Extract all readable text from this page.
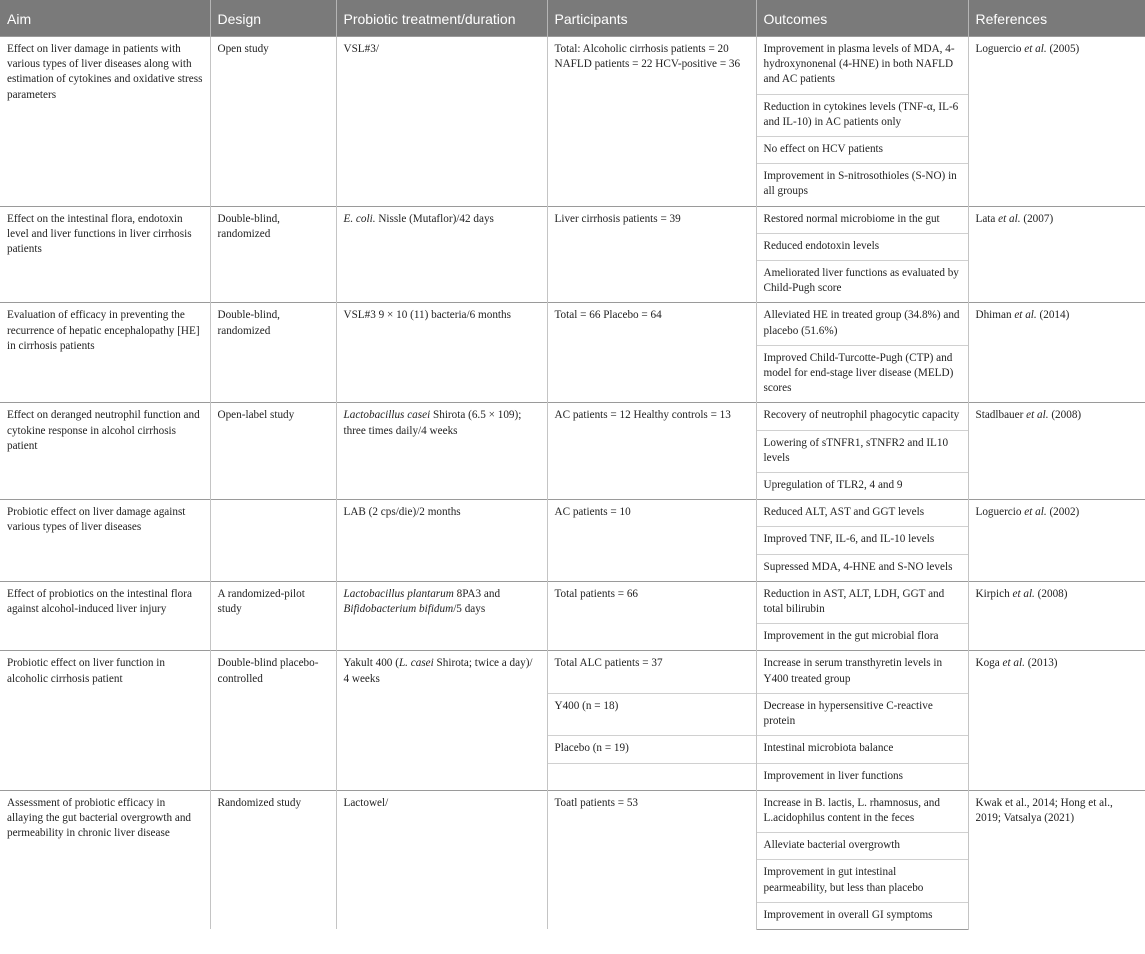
Aim	Design	Probiotic treatment/duration	Participants	Outcomes	References
Effect on liver damage in patients with various types of liver diseases along with estimation of cytokines and oxidative stress parameters	Open study	VSL#3/	Total: Alcoholic cirrhosis patients = 20 NAFLD patients = 22 HCV-positive = 36	Improvement in plasma levels of MDA, 4-hydroxynonenal (4-HNE) in both NAFLD and AC patients	Loguercio et al. (2005)
				Reduction in cytokines levels (TNF-α, IL-6 and IL-10) in AC patients only	
				No effect on HCV patients	
				Improvement in S-nitrosothioles (S-NO) in all groups	
Effect on the intestinal flora, endotoxin level and liver functions in liver cirrhosis patients	Double-blind, randomized	E. coli. Nissle (Mutaflor)/42 days	Liver cirrhosis patients = 39	Restored normal microbiome in the gut	Lata et al. (2007)
				Reduced endotoxin levels	
				Ameliorated liver functions as evaluated by Child-Pugh score	
Evaluation of efficacy in preventing the recurrence of hepatic encephalopathy [HE] in cirrhosis patients	Double-blind, randomized	VSL#3 9 × 10 (11) bacteria/6 months	Total = 66 Placebo = 64	Alleviated HE in treated group (34.8%) and placebo (51.6%)	Dhiman et al. (2014)
				Improved Child-Turcotte-Pugh (CTP) and model for end-stage liver disease (MELD) scores	
Effect on deranged neutrophil function and cytokine response in alcohol cirrhosis patient	Open-label study	Lactobacillus casei Shirota (6.5 × 109); three times daily/4 weeks	AC patients = 12 Healthy controls = 13	Recovery of neutrophil phagocytic capacity	Stadlbauer et al. (2008)
				Lowering of sTNFR1, sTNFR2 and IL10 levels	
				Upregulation of TLR2, 4 and 9	
Probiotic effect on liver damage against various types of liver diseases		LAB (2 cps/die)/2 months	AC patients = 10	Reduced ALT, AST and GGT levels	Loguercio et al. (2002)
				Improved TNF, IL-6, and IL-10 levels	
				Supressed MDA, 4-HNE and S-NO levels	
Effect of probiotics on the intestinal flora against alcohol-induced liver injury	A randomized-pilot study	Lactobacillus plantarum 8PA3 and Bifidobacterium bifidum/5 days	Total patients = 66	Reduction in AST, ALT, LDH, GGT and total bilirubin	Kirpich et al. (2008)
				Improvement in the gut microbial flora	
Probiotic effect on liver function in alcoholic cirrhosis patient	Double-blind placebo-controlled	Yakult 400 (L. casei Shirota; twice a day)/ 4 weeks	Total ALC patients = 37	Increase in serum transthyretin levels in Y400 treated group	Koga et al. (2013)
			Y400 (n = 18)	Decrease in hypersensitive C-reactive protein	
			Placebo (n = 19)	Intestinal microbiota balance	
				Improvement in liver functions	
Assessment of probiotic efficacy in allaying the gut bacterial overgrowth and permeability in chronic liver disease	Randomized study	Lactowel/	Toatl patients = 53	Increase in B. lactis, L. rhamnosus, and L.acidophilus content in the feces	Kwak et al., 2014; Hong et al., 2019; Vatsalya (2021)
				Alleviate bacterial overgrowth	
				Improvement in gut intestinal pearmeability, but less than placebo	
				Improvement in overall GI symptoms	
